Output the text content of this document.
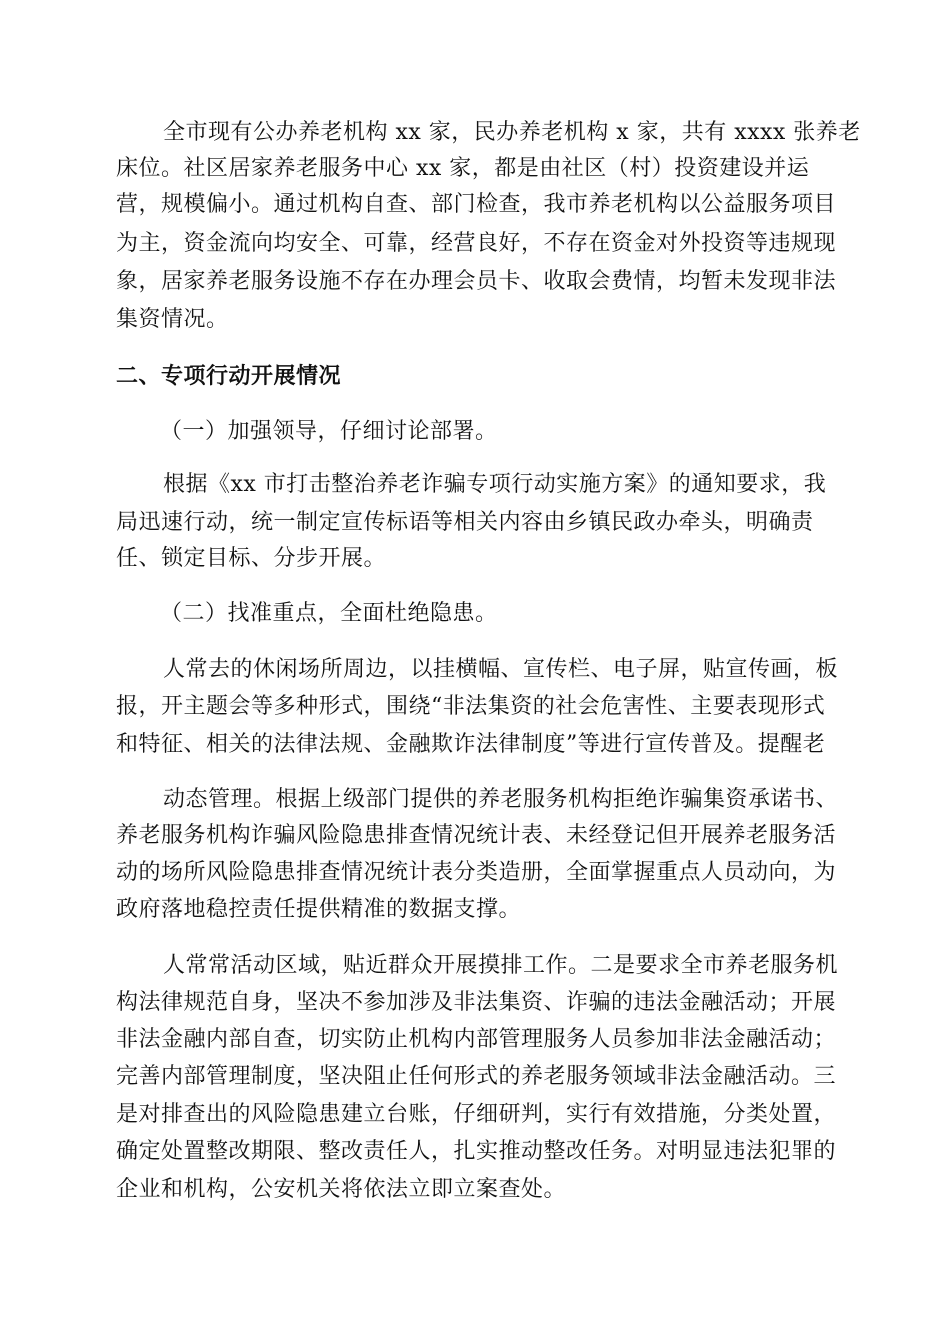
全市现有公办养老机构 xx 家，民办养老机构 x 家，共有 xxxx 张养老
床位。社区居家养老服务中心 xx 家，都是由社区（村）投资建设并运
营，规模偏小。通过机构自查、部门检查，我市养老机构以公益服务项目
为主，资金流向均安全、可靠，经营良好，不存在资金对外投资等违规现
象，居家养老服务设施不存在办理会员卡、收取会费情，均暂未发现非法
集资情况。
二、专项行动开展情况
（一）加强领导，仔细讨论部署。
根据《xx 市打击整治养老诈骗专项行动实施方案》的通知要求，我
局迅速行动，统一制定宣传标语等相关内容由乡镇民政办牵头，明确责
任、锁定目标、分步开展。
（二）找准重点，全面杜绝隐患。
人常去的休闲场所周边，以挂横幅、宣传栏、电子屏，贴宣传画，板
报，开主题会等多种形式，围绕“非法集资的社会危害性、主要表现形式
和特征、相关的法律法规、金融欺诈法律制度”等进行宣传普及。提醒老
动态管理。根据上级部门提供的养老服务机构拒绝诈骗集资承诺书、
养老服务机构诈骗风险隐患排查情况统计表、未经登记但开展养老服务活
动的场所风险隐患排查情况统计表分类造册，全面掌握重点人员动向，为
政府落地稳控责任提供精准的数据支撑。
人常常活动区域，贴近群众开展摸排工作。二是要求全市养老服务机
构法律规范自身，坚决不参加涉及非法集资、诈骗的违法金融活动；开展
非法金融内部自查，切实防止机构内部管理服务人员参加非法金融活动；
完善内部管理制度，坚决阻止任何形式的养老服务领域非法金融活动。三
是对排查出的风险隐患建立台账，仔细研判，实行有效措施，分类处置，
确定处置整改期限、整改责任人，扎实推动整改任务。对明显违法犯罪的
企业和机构，公安机关将依法立即立案查处。
